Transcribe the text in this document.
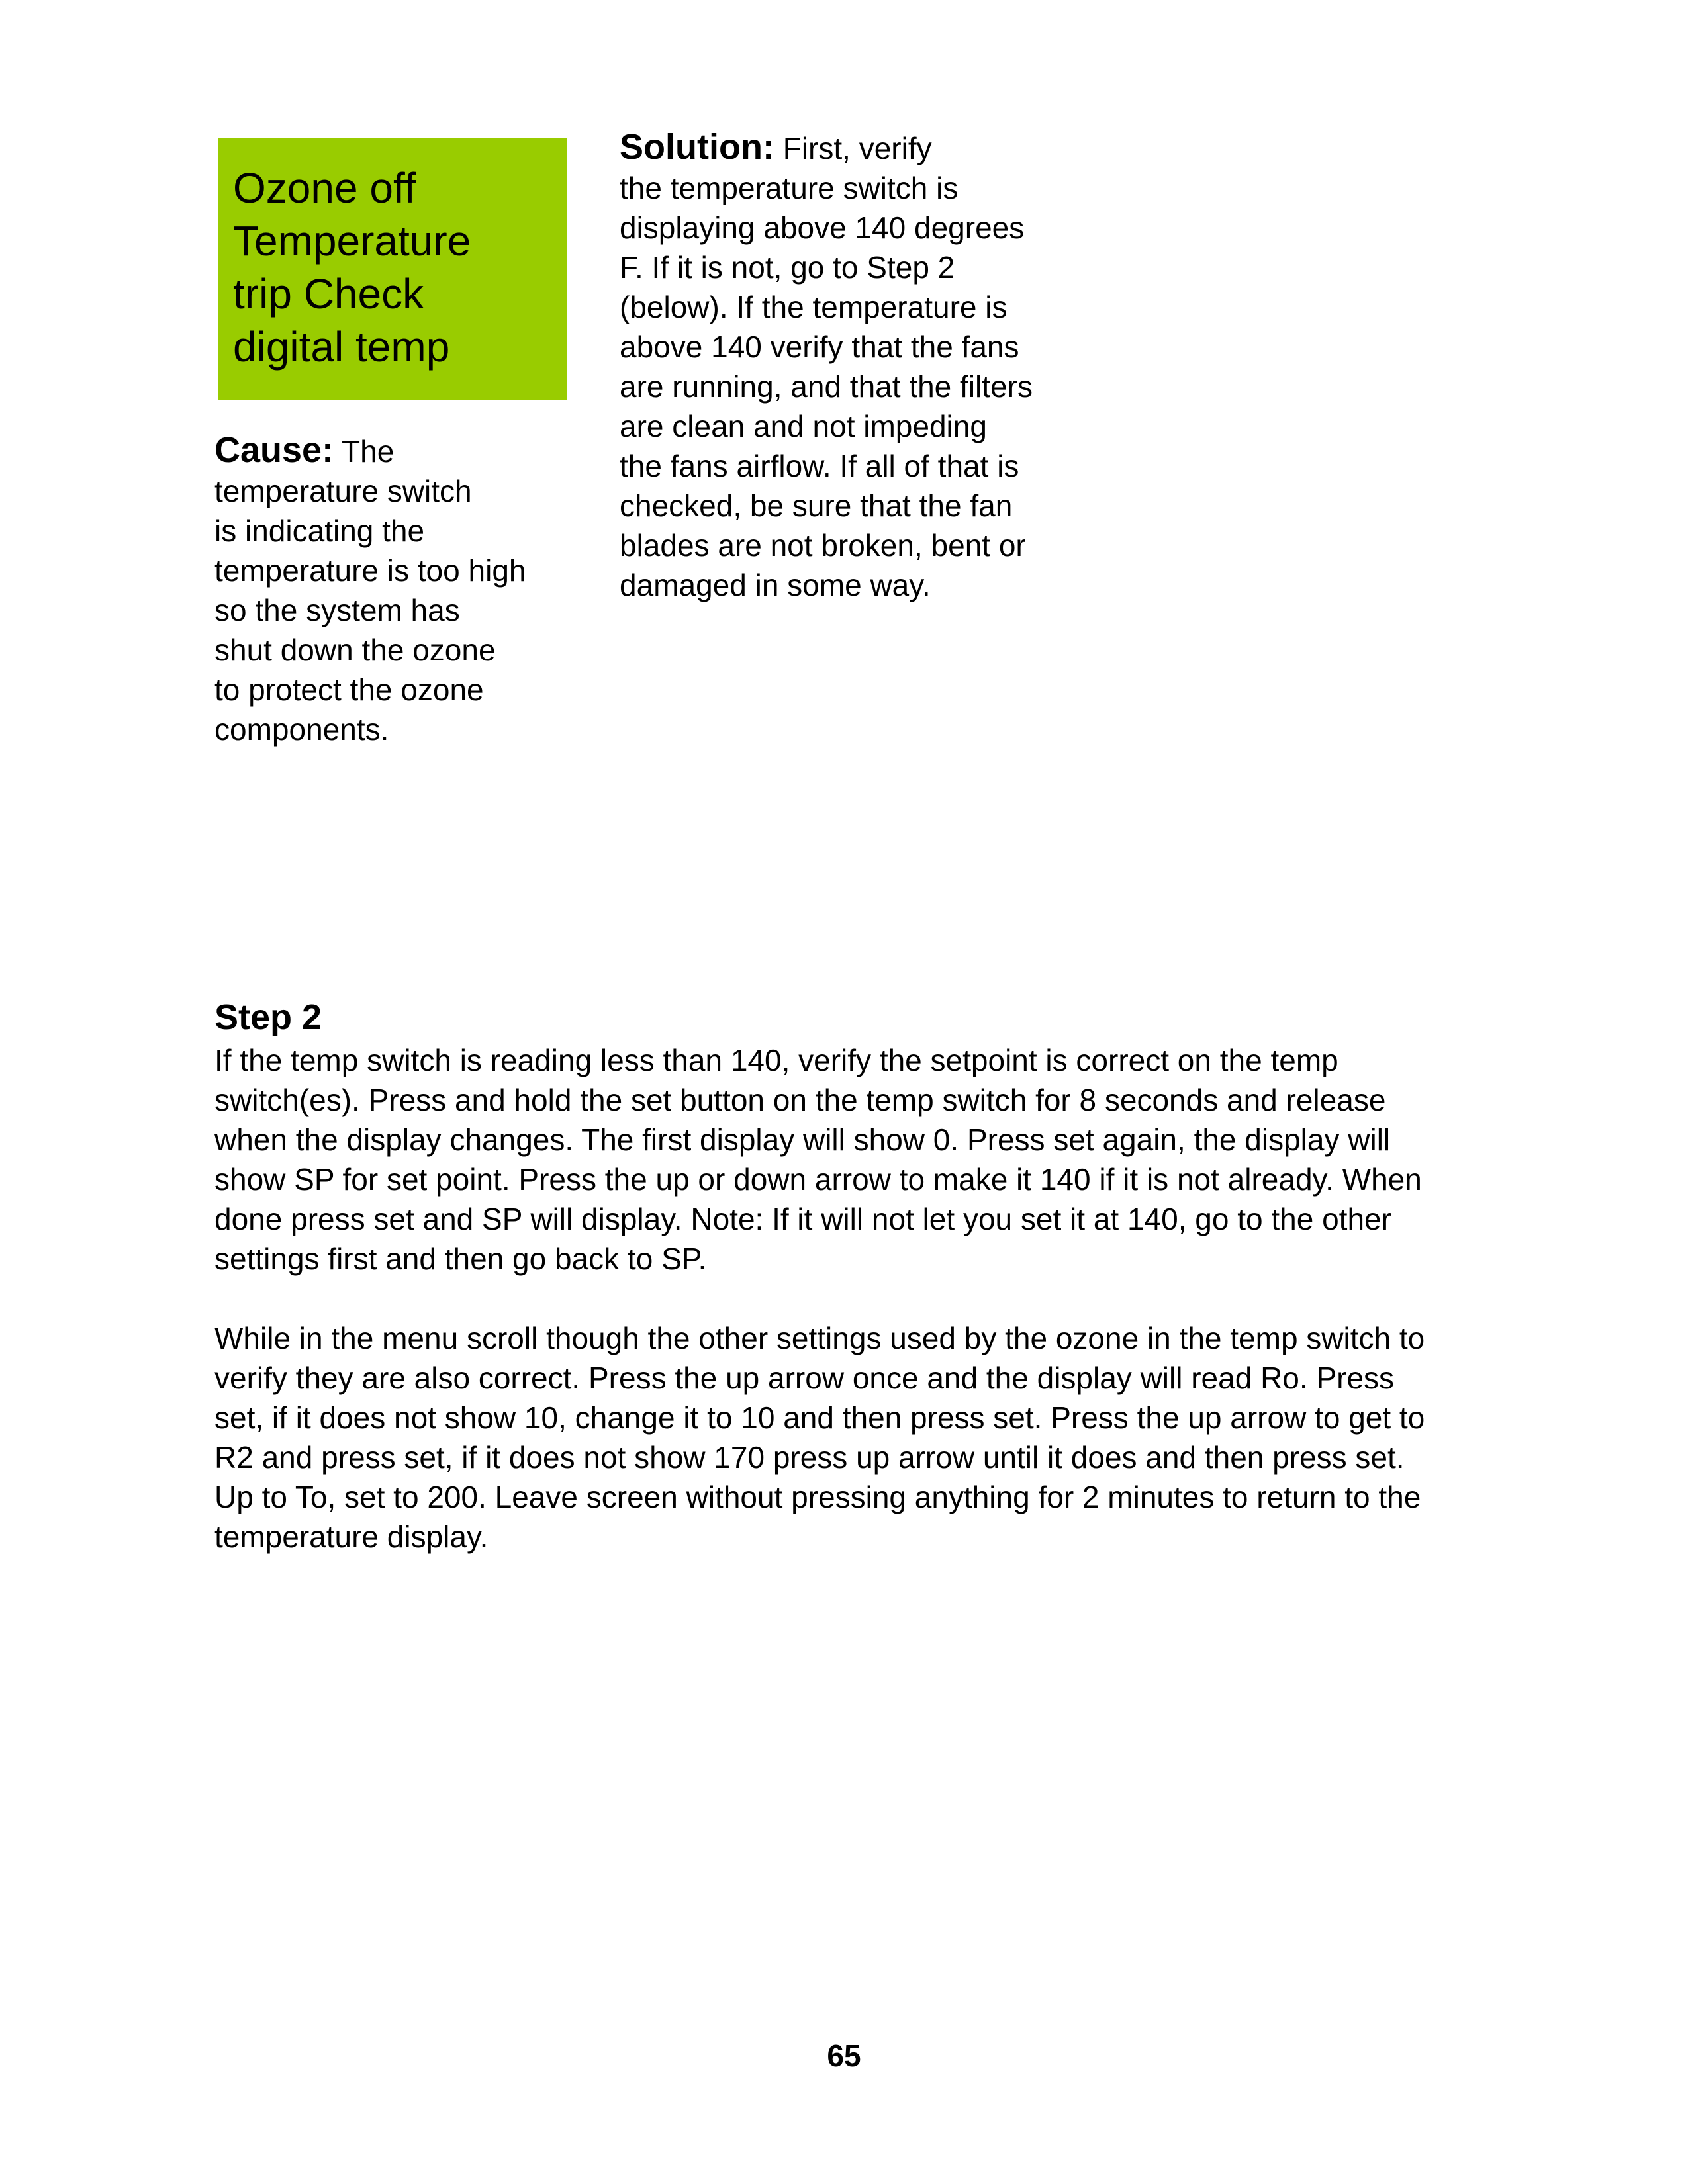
Ozone off
Temperature
trip Check
digital temp
Cause: The
temperature switch
is indicating the
temperature is too high
so the system has
shut down the ozone
to protect the ozone
components.
Solution: First, verify
the temperature switch is
displaying above 140 degrees
F. If it is not, go to Step 2
(below). If the temperature is
above 140 verify that the fans
are running, and that the filters
are clean and not impeding
the fans airflow. If all of that is
checked, be sure that the fan
blades are not broken, bent or
damaged in some way.
Step 2

If the temp switch is reading less than 140, verify the setpoint is correct on the temp
switch(es). Press and hold the set button on the temp switch for 8 seconds and release
when the display changes. The first display will show 0. Press set again, the display will
show SP for set point. Press the up or down arrow to make it 140 if it is not already. When
done press set and SP will display. Note: If it will not let you set it at 140, go to the other
settings first and then go back to SP.

While in the menu scroll though the other settings used by the ozone in the temp switch to
verify they are also correct. Press the up arrow once and the display will read Ro. Press
set, if it does not show 10, change it to 10 and then press set. Press the up arrow to get to
R2 and press set, if it does not show 170 press up arrow until it does and then press set.
Up to To, set to 200. Leave screen without pressing anything for 2 minutes to return to the
temperature display.

65
